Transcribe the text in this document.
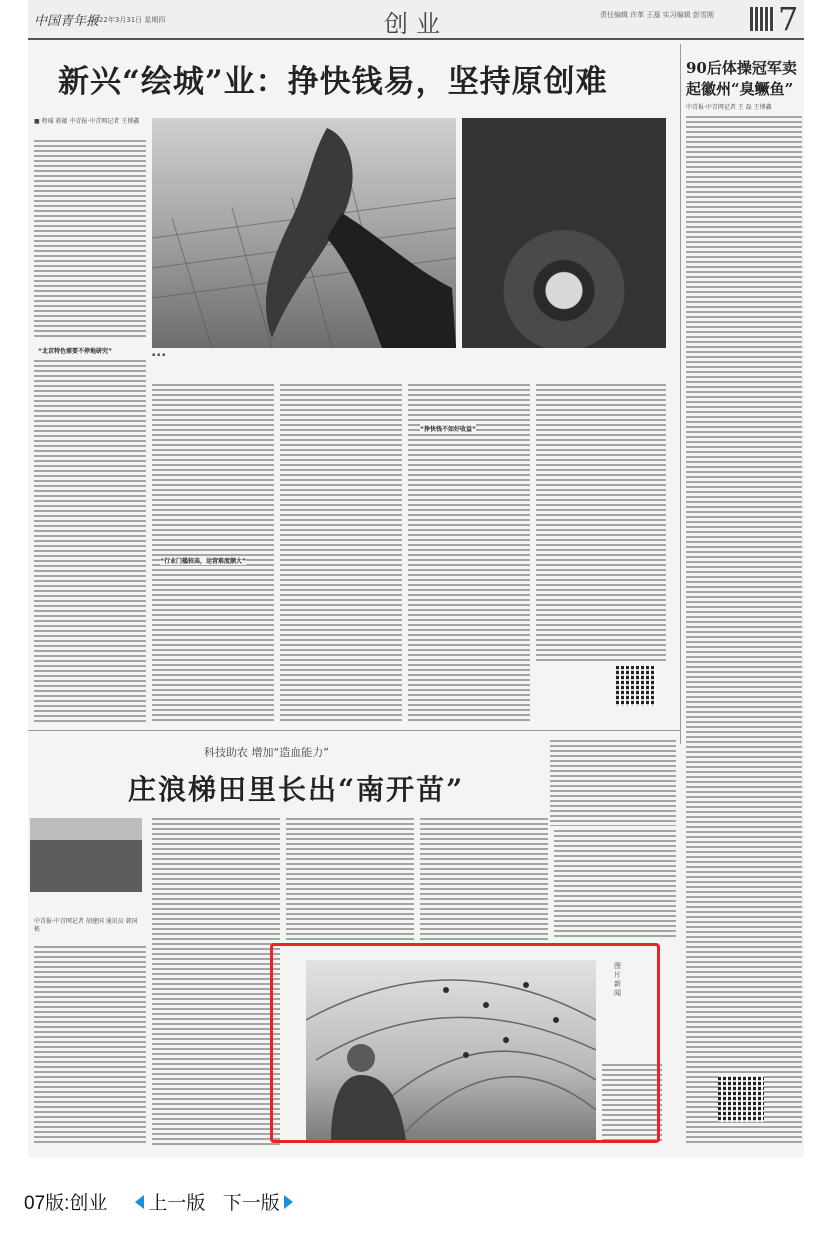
中国青年报
2022年3月31日 星期四	创业	责任编辑 许革 王磊 实习编辑 彭雪刚 7
新兴“绘城”业：挣快钱易，坚持原创难	90后体操冠军卖起徽州“臭鳜鱼”
中青报·中青网记者 王 磊 王博鑫
■ 程瑶 蒋蕴 中青报·中青网记者 王博鑫
“北京特色需要不停地研究”	▪ ▪ ▪
“行业门槛较高，运营难度颇大”
“挣快钱不如好收益”
科技助农 增加“造血能力”
庄浪梯田里长出“南开苗”
中青报·中青网记者 胡建国 通讯员 韩国栋
图片新闻
07版:创业 上一版 下一版
